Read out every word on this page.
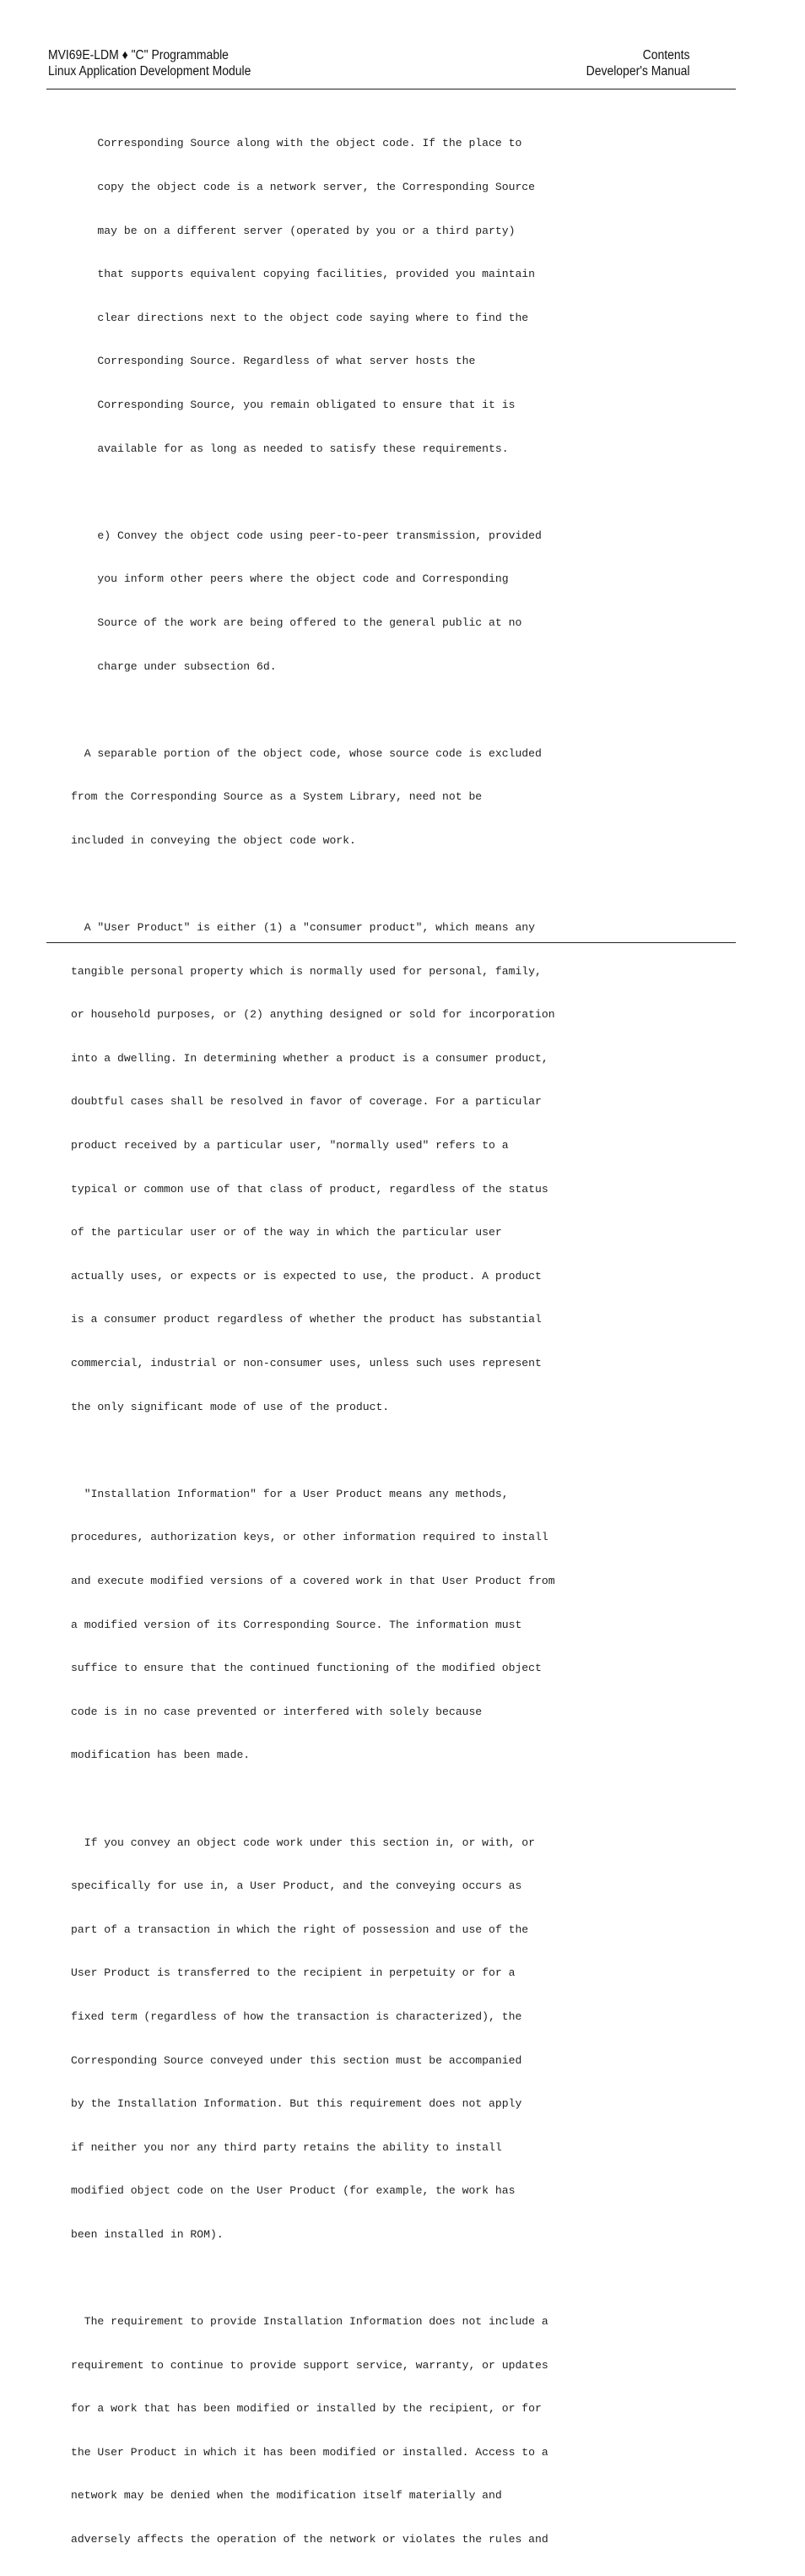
MVI69E-LDM ♦ "C" Programmable
Linux Application Development Module
Contents
Developer's Manual

Corresponding Source along with the object code. If the place to

copy the object code is a network server, the Corresponding Source

may be on a different server (operated by you or a third party)

that supports equivalent copying facilities, provided you maintain

clear directions next to the object code saying where to find the

Corresponding Source. Regardless of what server hosts the

Corresponding Source, you remain obligated to ensure that it is

available for as long as needed to satisfy these requirements.

e) Convey the object code using peer-to-peer transmission, provided

you inform other peers where the object code and Corresponding

Source of the work are being offered to the general public at no

charge under subsection 6d.

A separable portion of the object code, whose source code is excluded

from the Corresponding Source as a System Library, need not be

included in conveying the object code work.

A "User Product" is either (1) a "consumer product", which means any

tangible personal property which is normally used for personal, family,

or household purposes, or (2) anything designed or sold for incorporation

into a dwelling. In determining whether a product is a consumer product,

doubtful cases shall be resolved in favor of coverage. For a particular

product received by a particular user, "normally used" refers to a

typical or common use of that class of product, regardless of the status

of the particular user or of the way in which the particular user

actually uses, or expects or is expected to use, the product. A product

is a consumer product regardless of whether the product has substantial

commercial, industrial or non-consumer uses, unless such uses represent

the only significant mode of use of the product.

"Installation Information" for a User Product means any methods,

procedures, authorization keys, or other information required to install

and execute modified versions of a covered work in that User Product from

a modified version of its Corresponding Source. The information must

suffice to ensure that the continued functioning of the modified object

code is in no case prevented or interfered with solely because

modification has been made.

If you convey an object code work under this section in, or with, or

specifically for use in, a User Product, and the conveying occurs as

part of a transaction in which the right of possession and use of the

User Product is transferred to the recipient in perpetuity or for a

fixed term (regardless of how the transaction is characterized), the

Corresponding Source conveyed under this section must be accompanied

by the Installation Information. But this requirement does not apply

if neither you nor any third party retains the ability to install

modified object code on the User Product (for example, the work has

been installed in ROM).

The requirement to provide Installation Information does not include a

requirement to continue to provide support service, warranty, or updates

for a work that has been modified or installed by the recipient, or for

the User Product in which it has been modified or installed. Access to a

network may be denied when the modification itself materially and

adversely affects the operation of the network or violates the rules and
